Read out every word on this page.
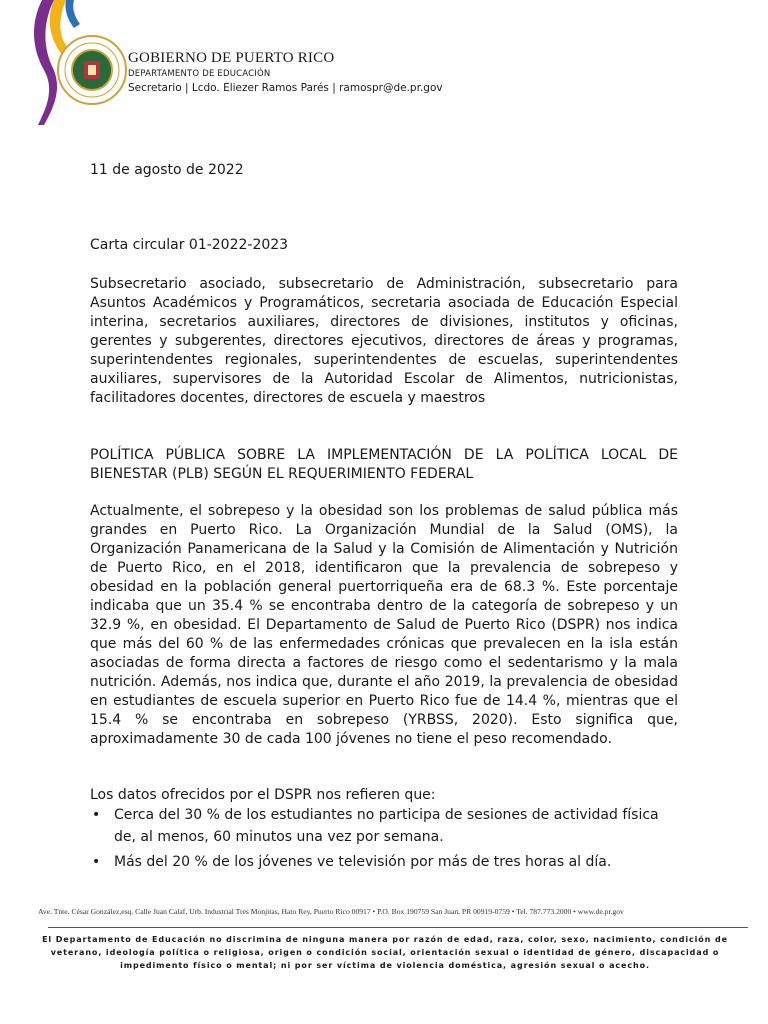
GOBIERNO DE PUERTO RICO
DEPARTAMENTO DE EDUCACIÓN
Secretario | Lcdo. Eliezer Ramos Parés | ramospr@de.pr.gov
11 de agosto de 2022
Carta circular 01-2022-2023
Subsecretario asociado, subsecretario de Administración, subsecretario para Asuntos Académicos y Programáticos, secretaria asociada de Educación Especial interina, secretarios auxiliares, directores de divisiones, institutos y oficinas, gerentes y subgerentes, directores ejecutivos, directores de áreas y programas, superintendentes regionales, superintendentes de escuelas, superintendentes auxiliares, supervisores de la Autoridad Escolar de Alimentos, nutricionistas, facilitadores docentes, directores de escuela y maestros
POLÍTICA PÚBLICA SOBRE LA IMPLEMENTACIÓN DE LA POLÍTICA LOCAL DE BIENESTAR (PLB) SEGÚN EL REQUERIMIENTO FEDERAL
Actualmente, el sobrepeso y la obesidad son los problemas de salud pública más grandes en Puerto Rico. La Organización Mundial de la Salud (OMS), la Organización Panamericana de la Salud y la Comisión de Alimentación y Nutrición de Puerto Rico, en el 2018, identificaron que la prevalencia de sobrepeso y obesidad en la población general puertorriqueña era de 68.3 %. Este porcentaje indicaba que un 35.4 % se encontraba dentro de la categoría de sobrepeso y un 32.9 %, en obesidad. El Departamento de Salud de Puerto Rico (DSPR) nos indica que más del 60 % de las enfermedades crónicas que prevalecen en la isla están asociadas de forma directa a factores de riesgo como el sedentarismo y la mala nutrición. Además, nos indica que, durante el año 2019, la prevalencia de obesidad en estudiantes de escuela superior en Puerto Rico fue de 14.4 %, mientras que el 15.4 % se encontraba en sobrepeso (YRBSS, 2020). Esto significa que, aproximadamente 30 de cada 100 jóvenes no tiene el peso recomendado.
Los datos ofrecidos por el DSPR nos refieren que:
• Cerca del 30 % de los estudiantes no participa de sesiones de actividad física de, al menos, 60 minutos una vez por semana.
• Más del 20 % de los jóvenes ve televisión por más de tres horas al día.
Ave. Tnte. César González,esq. Calle Juan Calaf, Urb. Industrial Tres Monjitas, Hato Rey, Puerto Rico 00917 • P.O. Box 190759 San Juan, PR 00919-0759 • Tel. 787.773.2000 • www.de.pr.gov
El Departamento de Educación no discrimina de ninguna manera por razón de edad, raza, color, sexo, nacimiento, condición de veterano, ideología política o religiosa, origen o condición social, orientación sexual o identidad de género, discapacidad o impedimento físico o mental; ni por ser víctima de violencia doméstica, agresión sexual o acecho.
